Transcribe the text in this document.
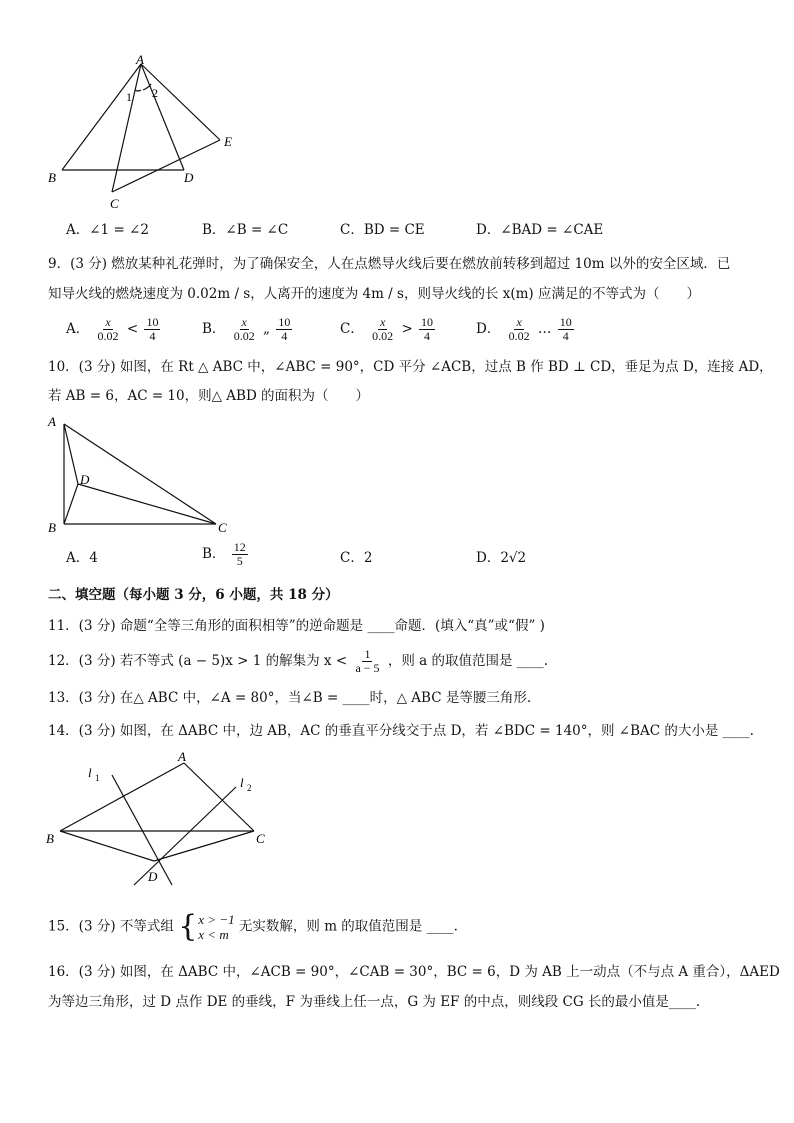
A
B
C
D
E
1 2
A．∠1 = ∠2	B．∠B = ∠C	C．BD = CE	D．∠BAD = ∠CAE
9．(3 分) 燃放某种礼花弹时，为了确保安全，人在点燃导火线后要在燃放前转移到超过 10m 以外的安全区域．已
知导火线的燃烧速度为 0.02m / s，人离开的速度为 4m / s，则导火线的长 x(m) 应满足的不等式为（　　）
A． $\frac{x}{0.02} < \frac{10}{4}$	B． $\frac{x}{0.02}$ „ $\frac{10}{4}$	C． $\frac{x}{0.02} > \frac{10}{4}$	D． $\frac{x}{0.02}$ … $\frac{10}{4}$
10．(3 分) 如图，在 Rt △ ABC 中，∠ABC = 90°，CD 平分 ∠ACB，过点 B 作 BD ⊥ CD，垂足为点 D，连接 AD，
若 AB = 6，AC = 10，则△ ABD 的面积为（　　）
A
B	C
D
A．4	B． $\frac{12}{5}$	C．2	D．2√2
二、填空题（每小题 3 分，6 小题，共 18 分）
11．(3 分) 命题“全等三角形的面积相等”的逆命题是 ____命题．(填入“真”或“假” )
12．(3 分) 若不等式 (a − 5)x > 1 的解集为 $x < \frac{1}{a - 5}$ ，则 a 的取值范围是 ____.
13．(3 分) 在△ ABC 中，∠A = 80°，当∠B = ____时，△ ABC 是等腰三角形.
14．(3 分) 如图，在 ΔABC 中，边 AB，AC 的垂直平分线交于点 D，若 ∠BDC = 140°，则 ∠BAC 的大小是 ____.
A
B	C
D
l 1	l 2
15．(3 分) 不等式组 { x > −1
x < m 无实数解，则 m 的取值范围是 ____.
16．(3 分) 如图，在 ΔABC 中，∠ACB = 90°，∠CAB = 30°，BC = 6，D 为 AB 上一动点（不与点 A 重合），ΔAED
为等边三角形，过 D 点作 DE 的垂线，F 为垂线上任一点，G 为 EF 的中点，则线段 CG 长的最小值是____.
